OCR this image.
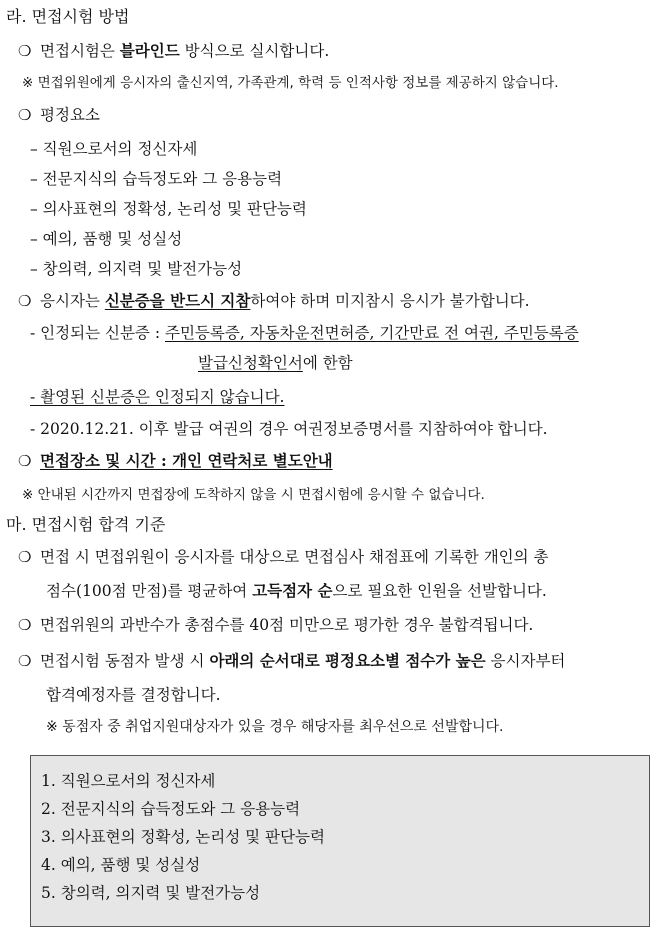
라. 면접시험 방법
❍ 면접시험은 블라인드 방식으로 실시합니다.
※ 면접위원에게 응시자의 출신지역, 가족관계, 학력 등 인적사항 정보를 제공하지 않습니다.
❍ 평정요소
– 직원으로서의 정신자세
– 전문지식의 습득정도와 그 응용능력
– 의사표현의 정확성, 논리성 및 판단능력
– 예의, 품행 및 성실성
– 창의력, 의지력 및 발전가능성
❍ 응시자는 신분증을 반드시 지참하여야 하며 미지참시 응시가 불가합니다.
- 인정되는 신분증 : 주민등록증, 자동차운전면허증, 기간만료 전 여권, 주민등록증
발급신청확인서에 한함
- 촬영된 신분증은 인정되지 않습니다.
- 2020.12.21. 이후 발급 여권의 경우 여권정보증명서를 지참하여야 합니다.
❍ 면접장소 및 시간 : 개인 연락처로 별도안내
※ 안내된 시간까지 면접장에 도착하지 않을 시 면접시험에 응시할 수 없습니다.
마. 면접시험 합격 기준
❍ 면접 시 면접위원이 응시자를 대상으로 면접심사 채점표에 기록한 개인의 총
점수(100점 만점)를 평균하여 고득점자 순으로 필요한 인원을 선발합니다.
❍ 면접위원의 과반수가 총점수를 40점 미만으로 평가한 경우 불합격됩니다.
❍ 면접시험 동점자 발생 시 아래의 순서대로 평정요소별 점수가 높은 응시자부터
합격예정자를 결정합니다.
※ 동점자 중 취업지원대상자가 있을 경우 해당자를 최우선으로 선발합니다.
1. 직원으로서의 정신자세
2. 전문지식의 습득정도와 그 응용능력
3. 의사표현의 정확성, 논리성 및 판단능력
4. 예의, 품행 및 성실성
5. 창의력, 의지력 및 발전가능성
